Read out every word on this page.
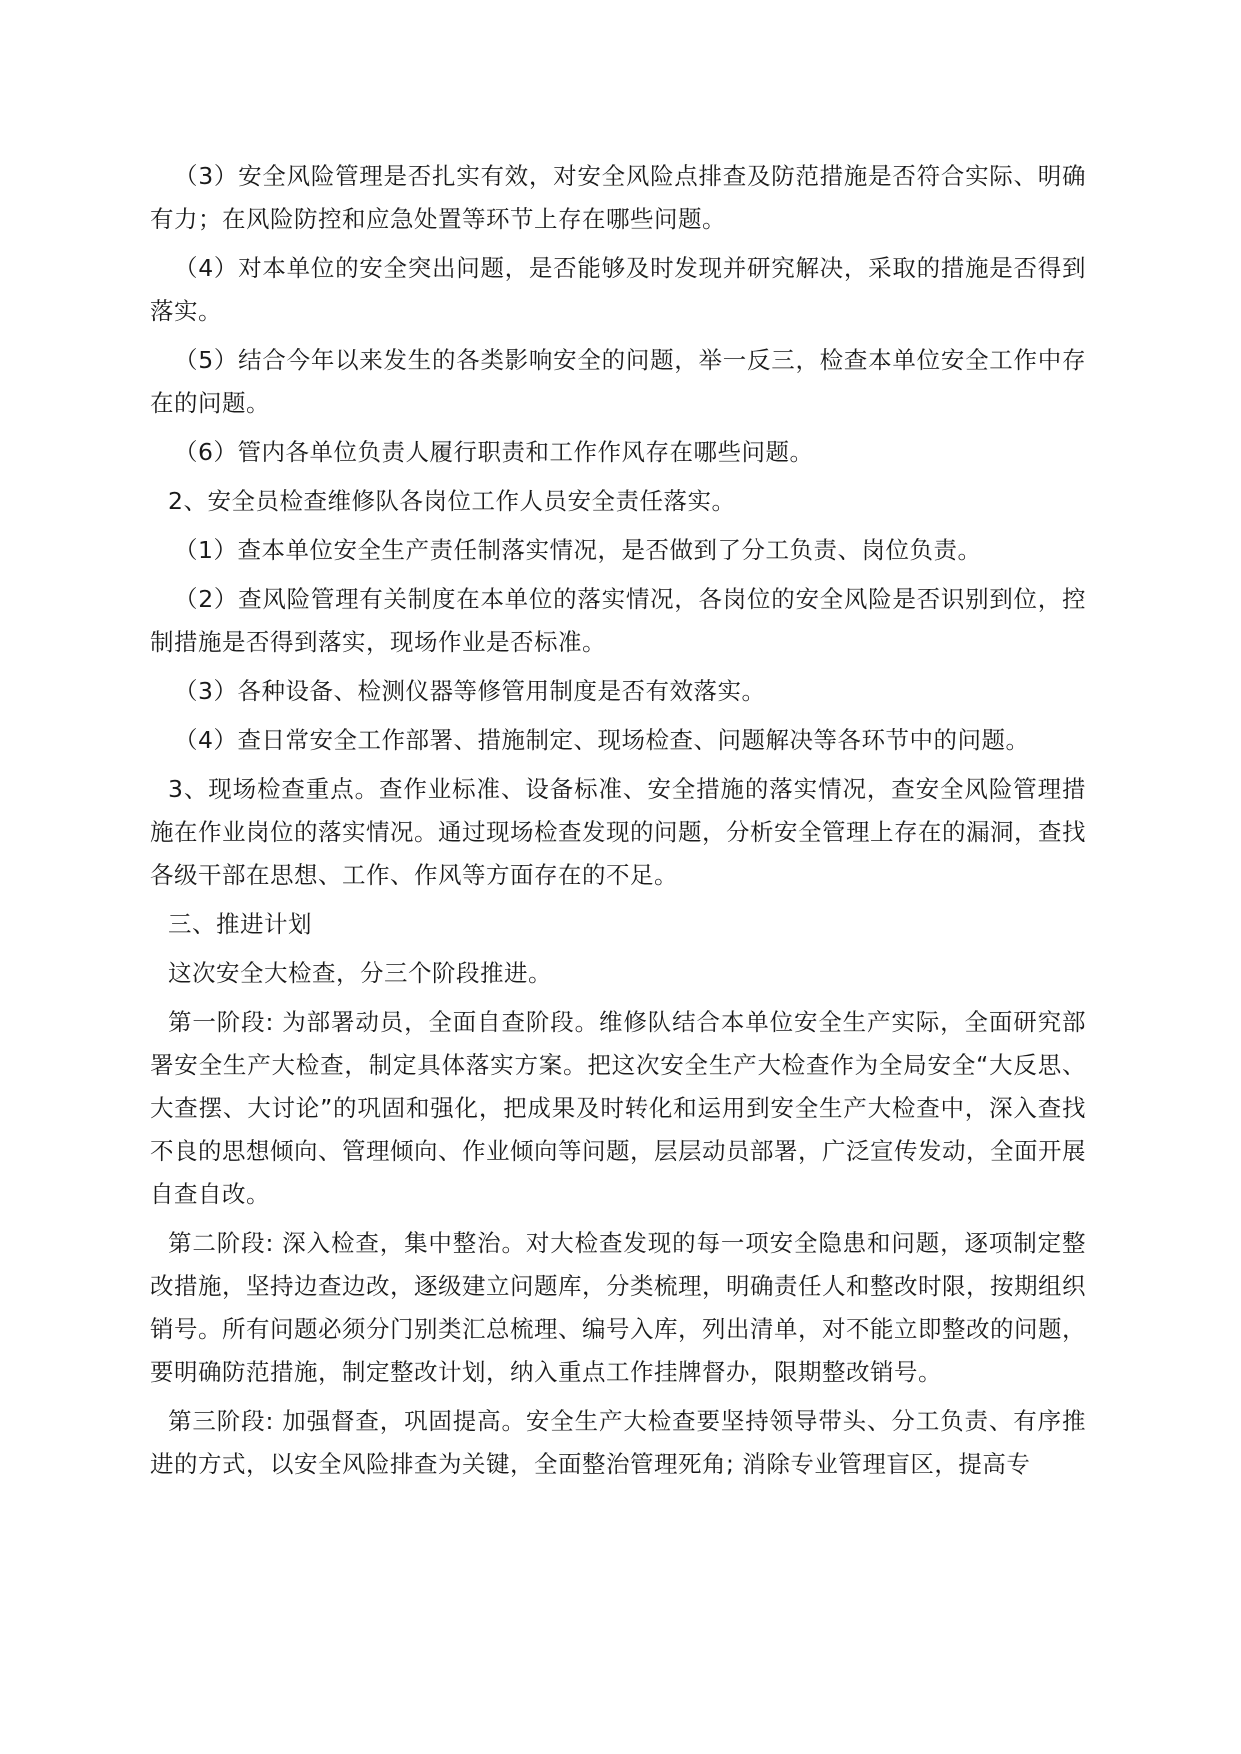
（3）安全风险管理是否扎实有效，对安全风险点排查及防范措施是否符合实际、明确有力；在风险防控和应急处置等环节上存在哪些问题。

（4）对本单位的安全突出问题，是否能够及时发现并研究解决，采取的措施是否得到落实。

（5）结合今年以来发生的各类影响安全的问题，举一反三，检查本单位安全工作中存在的问题。

（6）管内各单位负责人履行职责和工作作风存在哪些问题。

2、安全员检查维修队各岗位工作人员安全责任落实。

（1）查本单位安全生产责任制落实情况，是否做到了分工负责、岗位负责。

（2）查风险管理有关制度在本单位的落实情况，各岗位的安全风险是否识别到位，控制措施是否得到落实，现场作业是否标准。

（3）各种设备、检测仪器等修管用制度是否有效落实。

（4）查日常安全工作部署、措施制定、现场检查、问题解决等各环节中的问题。

3、现场检查重点。查作业标准、设备标准、安全措施的落实情况，查安全风险管理措施在作业岗位的落实情况。通过现场检查发现的问题，分析安全管理上存在的漏洞，查找各级干部在思想、工作、作风等方面存在的不足。

三、推进计划

这次安全大检查，分三个阶段推进。

第一阶段: 为部署动员，全面自查阶段。维修队结合本单位安全生产实际，全面研究部署安全生产大检查，制定具体落实方案。把这次安全生产大检查作为全局安全“大反思、大查摆、大讨论”的巩固和强化，把成果及时转化和运用到安全生产大检查中，深入查找不良的思想倾向、管理倾向、作业倾向等问题，层层动员部署，广泛宣传发动，全面开展自查自改。

第二阶段: 深入检查，集中整治。对大检查发现的每一项安全隐患和问题，逐项制定整改措施，坚持边查边改，逐级建立问题库，分类梳理，明确责任人和整改时限，按期组织销号。所有问题必须分门别类汇总梳理、编号入库，列出清单，对不能立即整改的问题，要明确防范措施，制定整改计划，纳入重点工作挂牌督办，限期整改销号。

第三阶段: 加强督查，巩固提高。安全生产大检查要坚持领导带头、分工负责、有序推进的方式，以安全风险排查为关键，全面整治管理死角; 消除专业管理盲区，提高专
